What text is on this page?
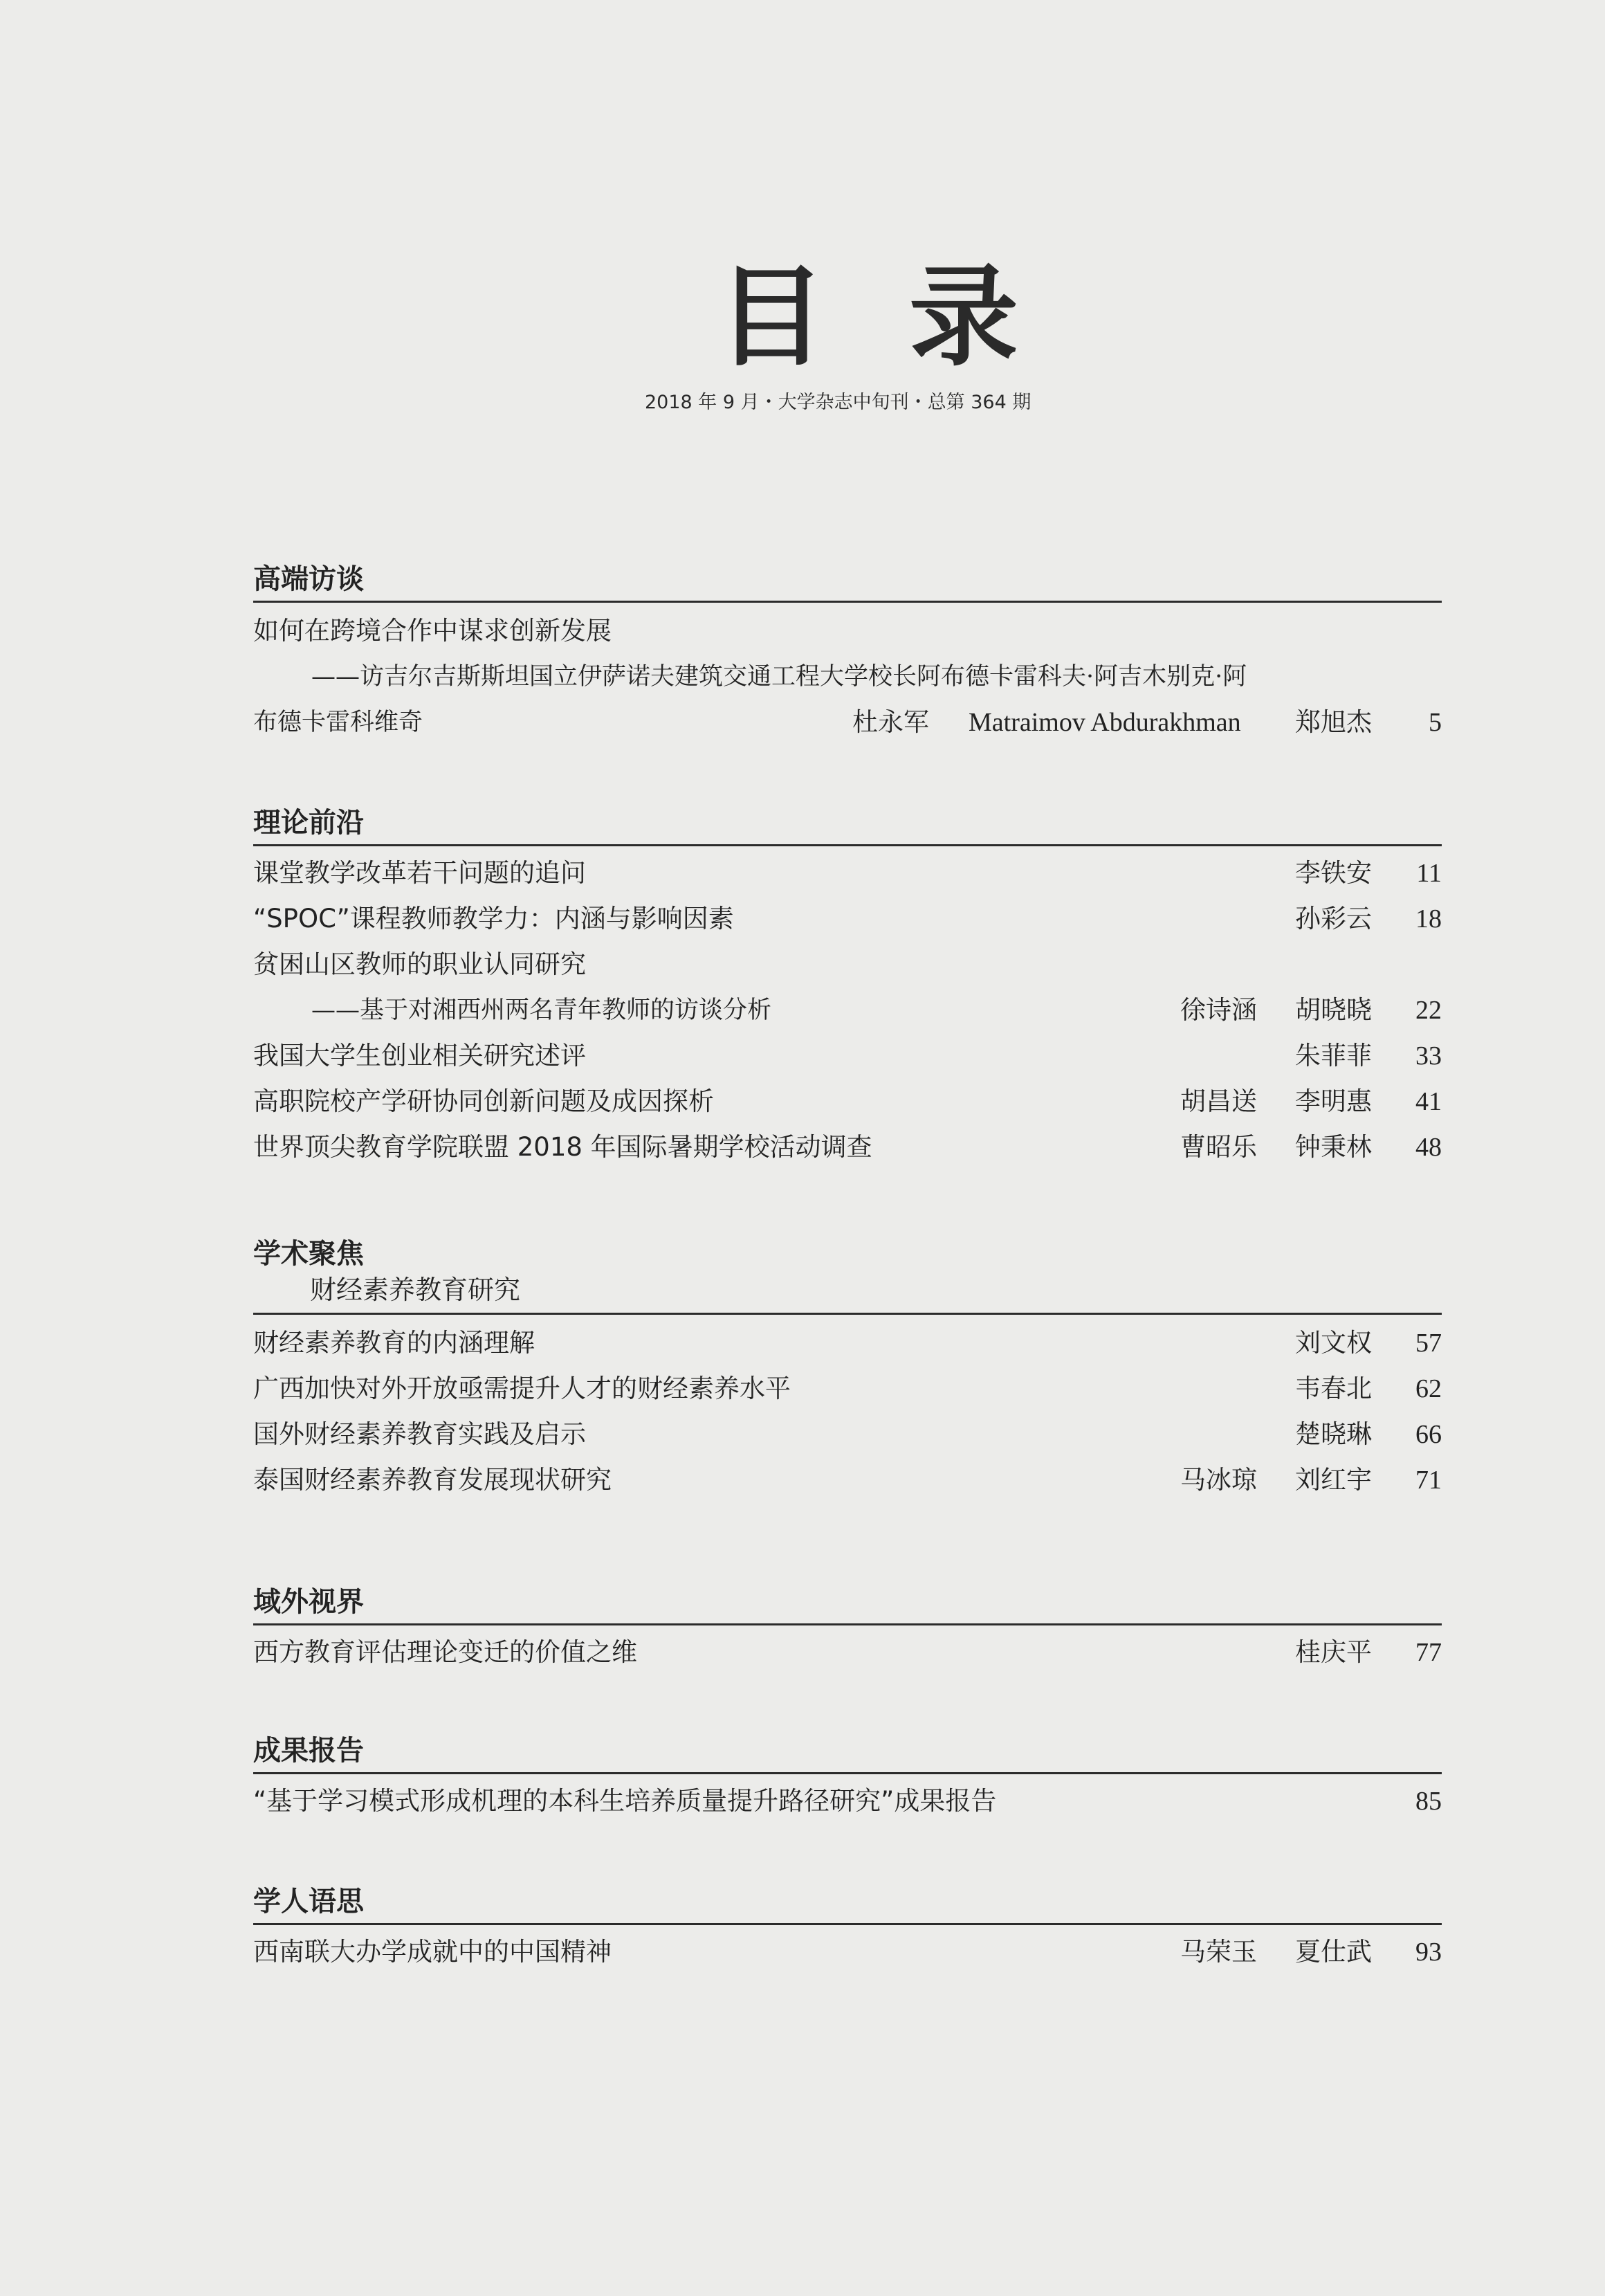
目录
2018 年 9 月・大学杂志中旬刊・总第 364 期
高端访谈
如何在跨境合作中谋求创新发展
——访吉尔吉斯斯坦国立伊萨诺夫建筑交通工程大学校长阿布德卡雷科夫·阿吉木别克·阿
布德卡雷科维奇	杜永军 Matraimov Abdurakhman 郑旭杰 5
理论前沿
课堂教学改革若干问题的追问	李铁安 11
“SPOC”课程教师教学力：内涵与影响因素	孙彩云 18
贫困山区教师的职业认同研究
——基于对湘西州两名青年教师的访谈分析	徐诗涵 胡晓晓 22
我国大学生创业相关研究述评	朱菲菲 33
高职院校产学研协同创新问题及成因探析	胡昌送 李明惠 41
世界顶尖教育学院联盟 2018 年国际暑期学校活动调查	曹昭乐 钟秉林 48
学术聚焦
财经素养教育研究
财经素养教育的内涵理解	刘文权 57
广西加快对外开放亟需提升人才的财经素养水平	韦春北 62
国外财经素养教育实践及启示	楚晓琳 66
泰国财经素养教育发展现状研究	马冰琼 刘红宇 71
域外视界
西方教育评估理论变迁的价值之维	桂庆平 77
成果报告
“基于学习模式形成机理的本科生培养质量提升路径研究”成果报告	85
学人语思
西南联大办学成就中的中国精神	马荣玉 夏仕武 93
